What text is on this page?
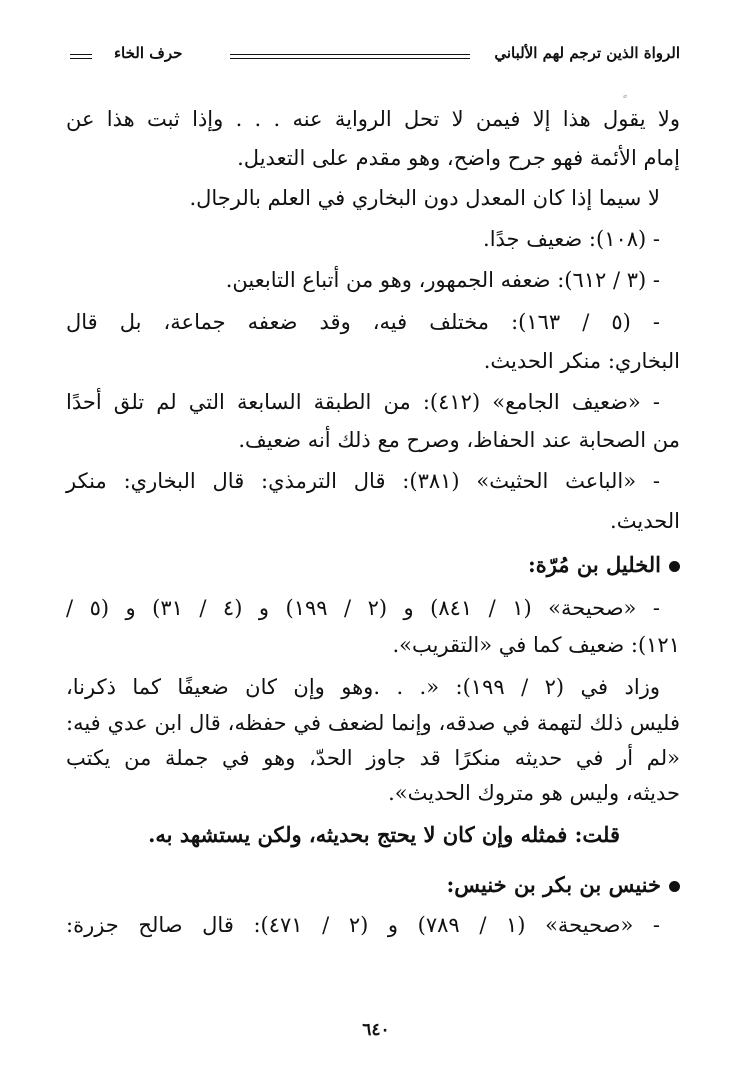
الرواة الذين ترجم لهم الألباني
حرف الخاء
ولا يقول هذا إلا فيمن لا تحل الرواية عنه . . . وإذا ثبت هذا عن
إمام الأئمة فهو جرح واضح، وهو مقدم على التعديل.
لا سيما إذا كان المعدل دون البخاري في العلم بالرجال.
- (١٠٨): ضعيف جدًا.
- (٣ / ٦١٢): ضعفه الجمهور، وهو من أتباع التابعين.
- (٥ / ١٦٣): مختلف فيه، وقد ضعفه جماعة، بل قال
البخاري: منكر الحديث.
- «ضعيف الجامع» (٤١٢): من الطبقة السابعة التي لم تلق أحدًا
من الصحابة عند الحفاظ، وصرح مع ذلك أنه ضعيف.
- «الباعث الحثيث» (٣٨١): قال الترمذي: قال البخاري: منكر
الحديث.
الخليل بن مُرّة:
- «صحيحة» (١ / ٨٤١) و (٢ / ١٩٩) و (٤ / ٣١) و (٥ /
١٢١): ضعيف كما في «التقريب».
وزاد في (٢ / ١٩٩): «. . .وهو وإن كان ضعيفًا كما ذكرنا،
فليس ذلك لتهمة في صدقه، وإنما لضعف في حفظه، قال ابن عدي فيه:
«لم أر في حديثه منكرًا قد جاوز الحدّ، وهو في جملة من يكتب
حديثه، وليس هو متروك الحديث».
قلت: فمثله وإن كان لا يحتج بحديثه، ولكن يستشهد به.
خنيس بن بكر بن خنيس:
- «صحيحة» (١ / ٧٨٩) و (٢ / ٤٧١): قال صالح جزرة:
٦٤٠
